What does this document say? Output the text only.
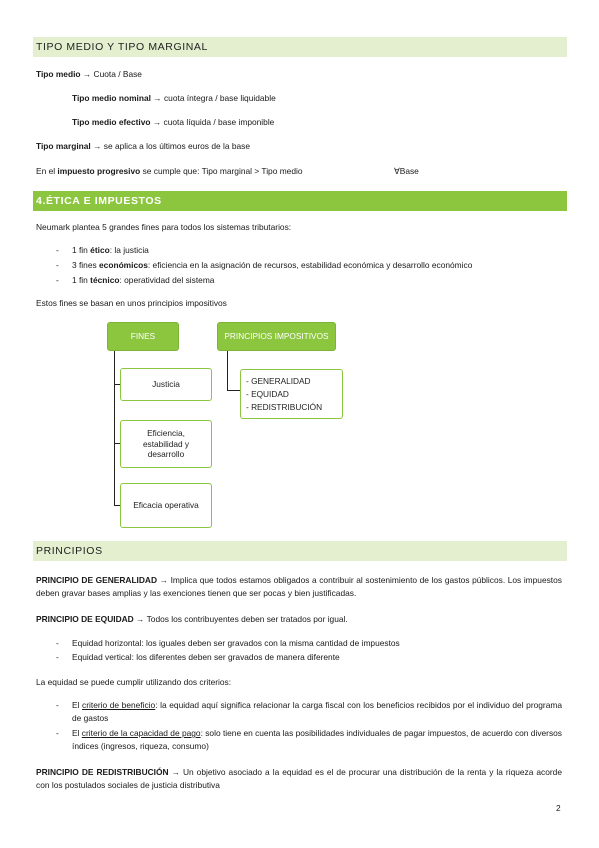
TIPO MEDIO Y TIPO MARGINAL
Tipo medio → Cuota / Base
Tipo medio nominal → cuota íntegra / base liquidable
Tipo medio efectivo → cuota líquida / base imponible
Tipo marginal → se aplica a los últimos euros de la base
En el impuesto progresivo se cumple que: Tipo marginal > Tipo medio	∀Base
4.ÉTICA E IMPUESTOS
Neumark plantea 5 grandes fines para todos los sistemas tributarios:
- 1 fin ético: la justicia
- 3 fines económicos: eficiencia en la asignación de recursos, estabilidad económica y desarrollo económico
- 1 fin técnico: operatividad del sistema
Estos fines se basan en unos principios impositivos
FINES	PRINCIPIOS IMPOSITIVOS
Justicia
Eficiencia, estabilidad y desarrollo
Eficacia operativa
- GENERALIDAD
- EQUIDAD
- REDISTRIBUCIÓN
PRINCIPIOS
PRINCIPIO DE GENERALIDAD → Implica que todos estamos obligados a contribuir al sostenimiento de los gastos públicos. Los impuestos deben gravar bases amplias y las exenciones tienen que ser pocas y bien justificadas.
PRINCIPIO DE EQUIDAD → Todos los contribuyentes deben ser tratados por igual.
- Equidad horizontal: los iguales deben ser gravados con la misma cantidad de impuestos
- Equidad vertical: los diferentes deben ser gravados de manera diferente
La equidad se puede cumplir utilizando dos criterios:
- El criterio de beneficio: la equidad aquí significa relacionar la carga fiscal con los beneficios recibidos por el individuo del programa de gastos
- El criterio de la capacidad de pago: solo tiene en cuenta las posibilidades individuales de pagar impuestos, de acuerdo con diversos índices (ingresos, riqueza, consumo)
PRINCIPIO DE REDISTRIBUCIÓN → Un objetivo asociado a la equidad es el de procurar una distribución de la renta y la riqueza acorde con los postulados sociales de justicia distributiva
2
